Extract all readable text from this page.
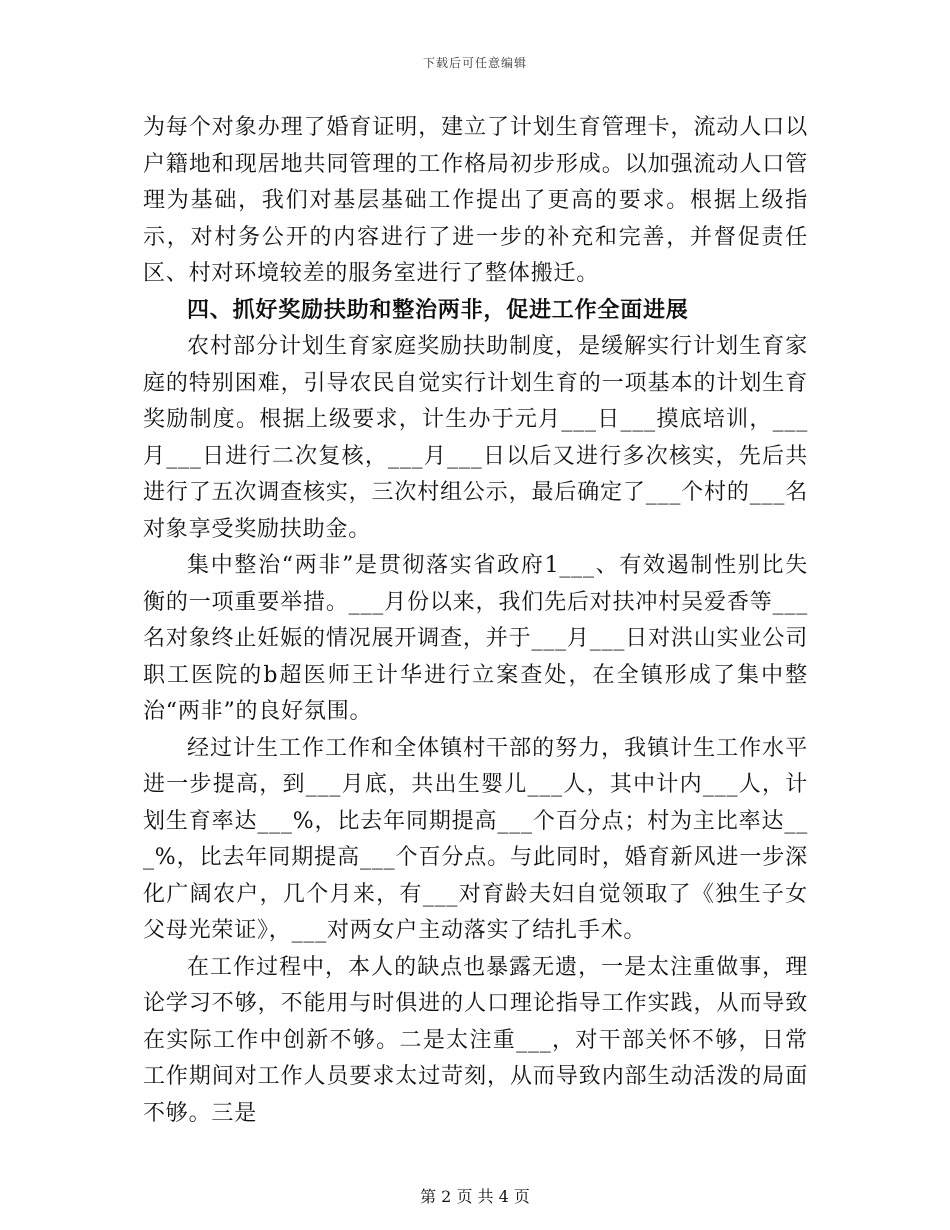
下载后可任意编辑

为每个对象办理了婚育证明，建立了计划生育管理卡，流动人口以户籍地和现居地共同管理的工作格局初步形成。以加强流动人口管理为基础，我们对基层基础工作提出了更高的要求。根据上级指示，对村务公开的内容进行了进一步的补充和完善，并督促责任区、村对环境较差的服务室进行了整体搬迁。

四、抓好奖励扶助和整治两非，促进工作全面进展

农村部分计划生育家庭奖励扶助制度，是缓解实行计划生育家庭的特别困难，引导农民自觉实行计划生育的一项基本的计划生育奖励制度。根据上级要求，计生办于元月___日___摸底培训，___月___日进行二次复核，___月___日以后又进行多次核实，先后共进行了五次调查核实，三次村组公示，最后确定了___个村的___名对象享受奖励扶助金。

集中整治“两非”是贯彻落实省政府1___、有效遏制性别比失衡的一项重要举措。___月份以来，我们先后对扶冲村吴爱香等___名对象终止妊娠的情况展开调查，并于___月___日对洪山实业公司职工医院的b超医师王计华进行立案查处，在全镇形成了集中整治“两非”的良好氛围。

经过计生工作工作和全体镇村干部的努力，我镇计生工作水平进一步提高，到___月底，共出生婴儿___人，其中计内___人，计划生育率达___%，比去年同期提高___个百分点；村为主比率达___%，比去年同期提高___个百分点。与此同时，婚育新风进一步深化广阔农户，几个月来，有___对育龄夫妇自觉领取了《独生子女父母光荣证》，___对两女户主动落实了结扎手术。

在工作过程中，本人的缺点也暴露无遗，一是太注重做事，理论学习不够，不能用与时俱进的人口理论指导工作实践，从而导致在实际工作中创新不够。二是太注重___，对干部关怀不够，日常工作期间对工作人员要求太过苛刻，从而导致内部生动活泼的局面不够。三是

第 2 页 共 4 页
